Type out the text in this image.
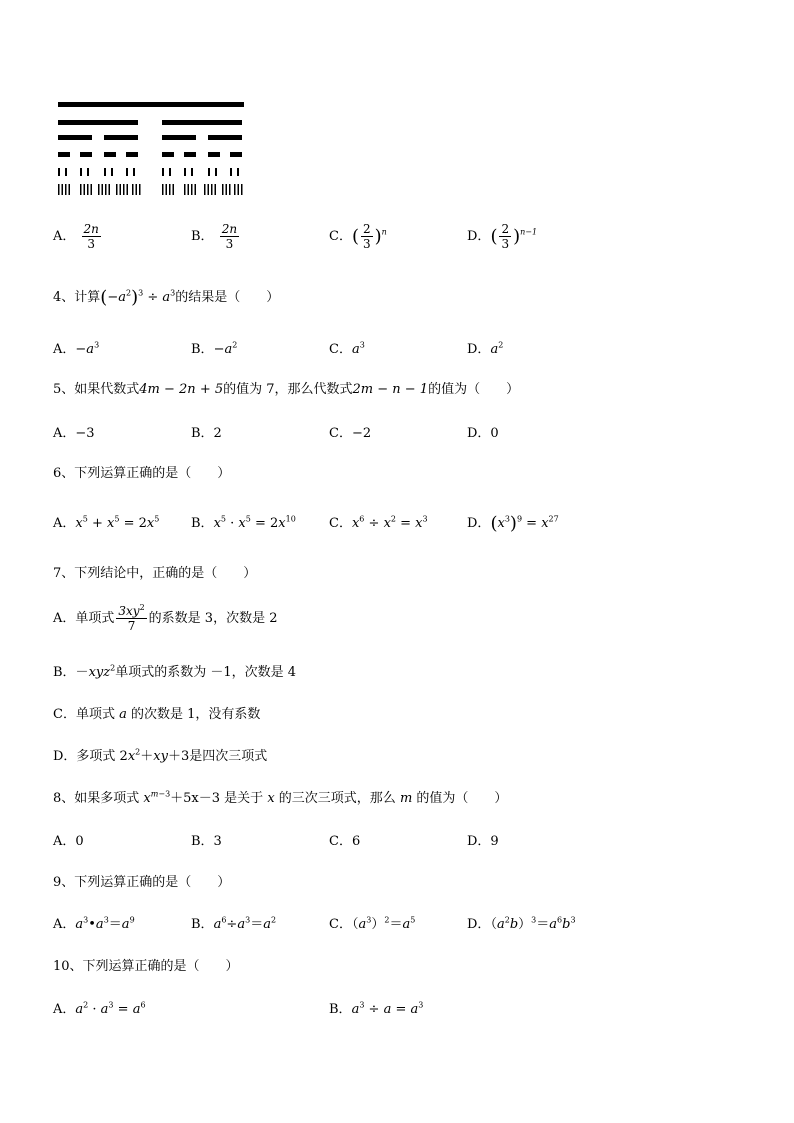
A． $\frac{2n}{3}$	B． $\frac{2n}{3}$	C．( $\frac{2}{3} )^n$	D．( $\frac{2}{3} )^{n-1}$
4、计算$(-a^2)^3 \div a^3$的结果是（　　）
A．$-a^3$	B．$-a^2$	C．$a^3$	D．$a^2$
5、如果代数式4m − 2n + 5的值为 7，那么代数式2m − n − 1的值为（　　）
A．−3	B．2	C．−2	D．0
6、下列运算正确的是（　　）
A．$x^5 + x^5 = 2x^5$ B．$x^5 \cdot x^5 = 2x^{10}$	C．$x^6 \div x^2 = x^3$	D．$(x^3)^9 = x^{27}$
7、下列结论中，正确的是（　　）
A．单项式 $\frac{3xy^2}{7}$ 的系数是 3，次数是 2
B．－xyz$^2$单项式的系数为 －1，次数是 4
C．单项式 a 的次数是 1，没有系数
D．多项式 $2x^2+xy+3$是四次三项式
8、如果多项式 $x^{m-3}+5x-3$ 是关于 x 的三次三项式，那么 m 的值为（　　）
A．0	B．3	C．6	D．9
9、下列运算正确的是（　　）
A．$a^3•a^3=a^9$	B．$a^6\div a^3=a^2$	C．$(a^3)^2=a^5$	D．$(a^2b)^3=a^6b^3$
10、下列运算正确的是（　　）
A．$a^2 \cdot a^3 = a^6$	B．$a^3 \div a = a^3$
